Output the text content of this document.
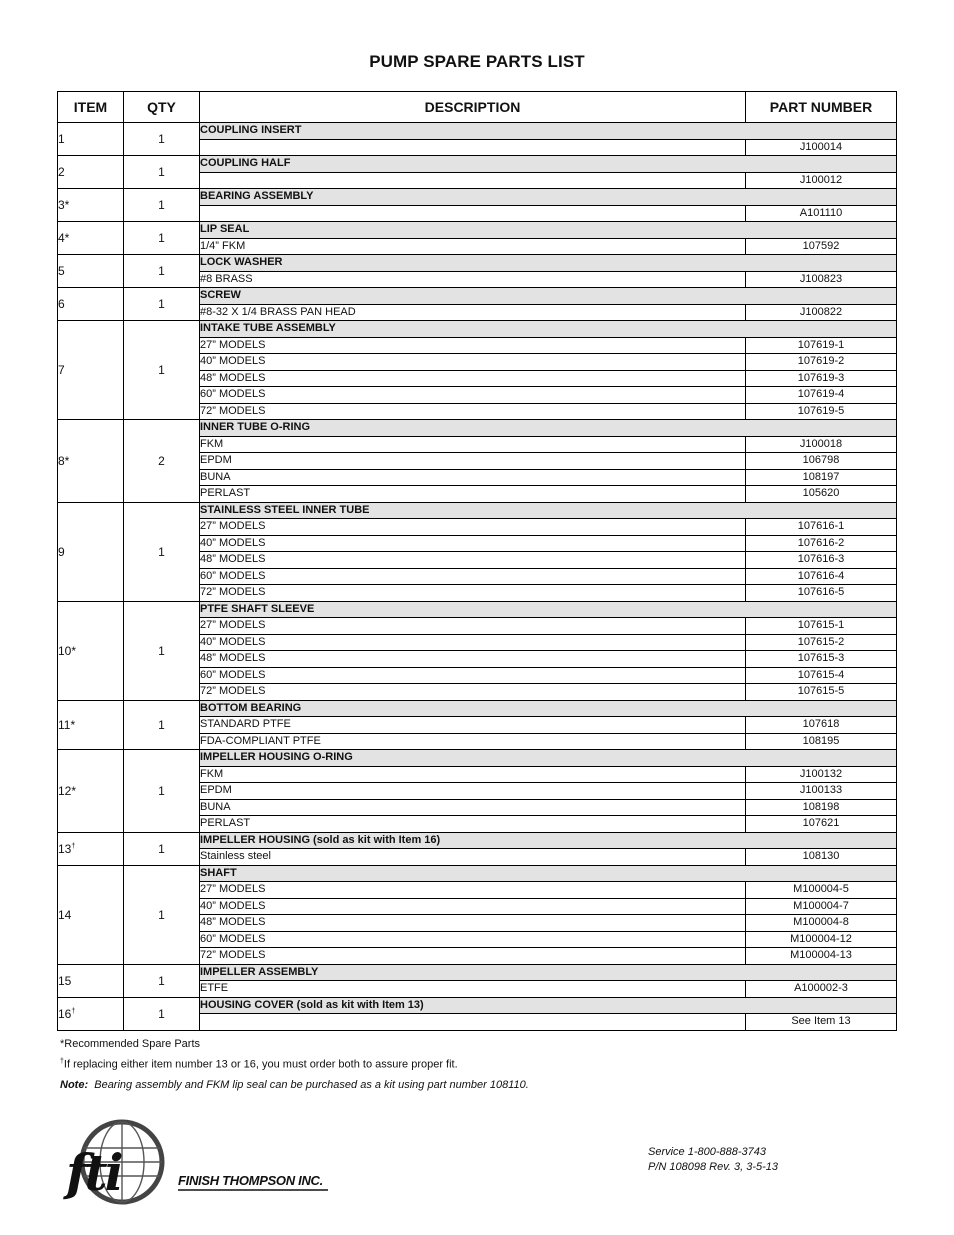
PUMP SPARE PARTS LIST
ITEM	QTY	DESCRIPTION	PART NUMBER
1	1	COUPLING INSERT	
			J100014
2	1	COUPLING HALF	
			J100012
3*	1	BEARING ASSEMBLY	
			A101110
4*	1	LIP SEAL	
		1/4” FKM	107592
5	1	LOCK WASHER	
		#8 BRASS	J100823
6	1	SCREW	
		#8-32 X 1/4 BRASS PAN HEAD	J100822
7	1	INTAKE TUBE ASSEMBLY	
		27” MODELS	107619-1
		40” MODELS	107619-2
		48” MODELS	107619-3
		60” MODELS	107619-4
		72” MODELS	107619-5
8*	2	INNER TUBE O-RING	
		FKM	J100018
		EPDM	106798
		BUNA	108197
		PERLAST	105620
9	1	STAINLESS STEEL INNER TUBE	
		27” MODELS	107616-1
		40” MODELS	107616-2
		48” MODELS	107616-3
		60” MODELS	107616-4
		72” MODELS	107616-5
10*	1	PTFE SHAFT SLEEVE	
		27” MODELS	107615-1
		40” MODELS	107615-2
		48” MODELS	107615-3
		60” MODELS	107615-4
		72” MODELS	107615-5
11*	1	BOTTOM BEARING	
		STANDARD PTFE	107618
		FDA-COMPLIANT PTFE	108195
12*	1	IMPELLER HOUSING O-RING	
		FKM	J100132
		EPDM	J100133
		BUNA	108198
		PERLAST	107621
13†	1	IMPELLER HOUSING (sold as kit with Item 16)	
		Stainless steel	108130
14	1	SHAFT	
		27” MODELS	M100004-5
		40” MODELS	M100004-7
		48” MODELS	M100004-8
		60” MODELS	M100004-12
		72” MODELS	M100004-13
15	1	IMPELLER ASSEMBLY	
		ETFE	A100002-3
16†	1	HOUSING COVER (sold as kit with Item 13)	
			See Item 13
*Recommended Spare Parts
†If replacing either item number 13 or 16, you must order both to assure proper fit.
Note: Bearing assembly and FKM lip seal can be purchased as a kit using part number 108110.
fti	FINISH THOMPSON INC.
Service 1-800-888-3743
P/N 108098 Rev. 3, 3-5-13
